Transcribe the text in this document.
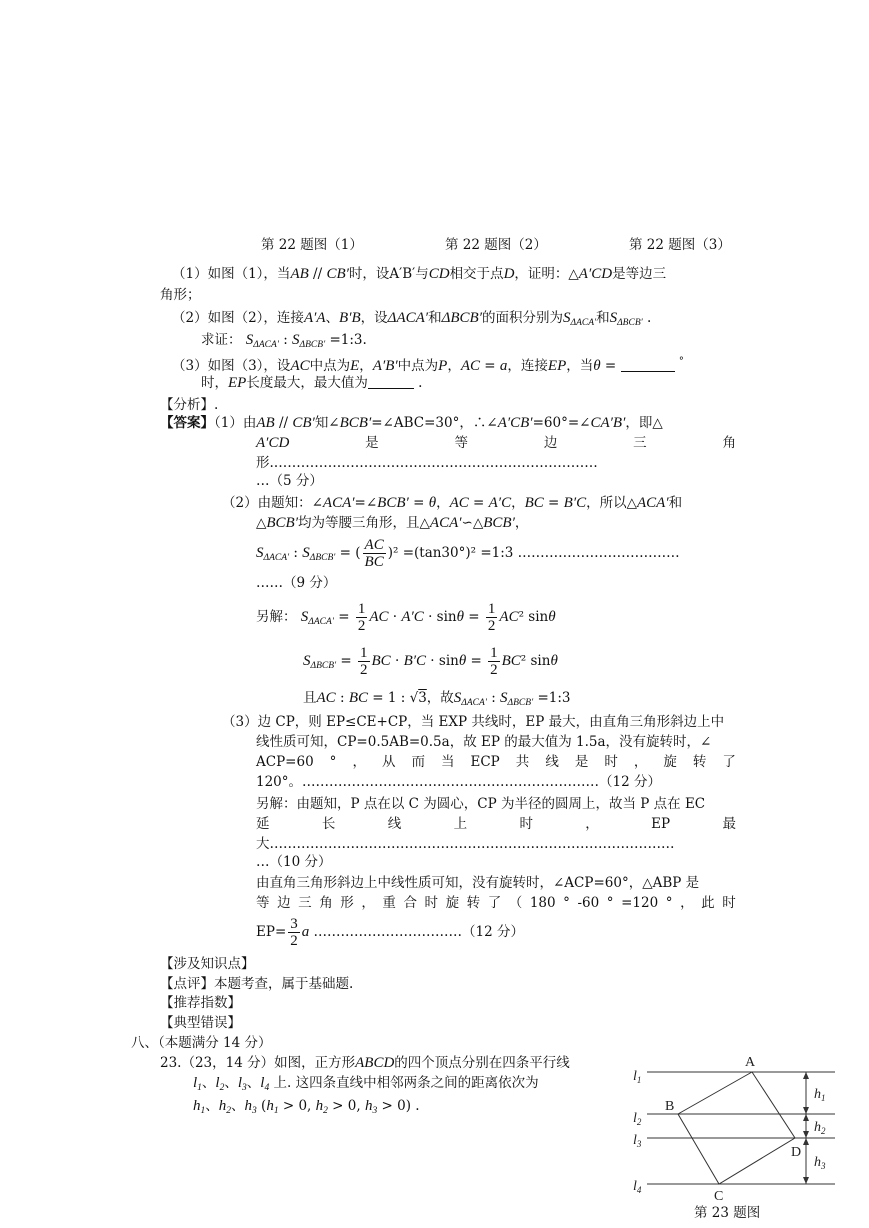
第 22 题图（1）	第 22 题图（2）	第 22 题图（3）
（1）如图（1），当AB // CB′时，设A′B′与CD相交于点D，证明：△A′CD是等边三
角形；
（2）如图（2），连接A′A、B′B，设ΔACA′和ΔBCB′的面积分别为$S_{\Delta ACA'}$和$S_{\Delta BCB'}$ .
求证： $S_{\Delta ACA'}$ : $S_{\Delta BCB'}$ =1:3.
（3）如图（3），设AC中点为E，A′B′中点为P，AC = a，连接EP，当θ =	°
时，EP长度最大，最大值为	.
【分析】.
【答案】（1）由AB // CB′知∠BCB′=∠ABC=30°，∴∠A′CB′=60°=∠CA′B′，即△
A′CD	是	等	边	三	角
形.………………………………………………………………
…（5 分）
（2）由题知：∠ACA′=∠BCB′ = θ，AC = A′C，BC = B′C，所以△ACA′和
△BCB′均为等腰三角形，且△ACA′∽△BCB′，
$S_{\Delta ACA'}$ : $S_{\Delta BCB'}$ = ( $\frac{AC}{BC} )^2 =(\tan 30^\circ)^2$ =1:3 ………………………………
……（9 分）
另解： $S_{\Delta ACA'} = \frac{1}{2}$ AC · $A'C \cdot \sin\theta = \frac{1}{2} AC^2$ sinθ
$S_{\Delta BCB'} = \frac{1}{2}$ BC · $B'C \cdot \sin\theta = \frac{1}{2} BC^2$ sinθ
且AC : BC = 1 : √3，故$S_{\Delta ACA'}$ : $S_{\Delta BCB'}$ =1:3
（3）边 CP，则 EP≤CE+CP，当 EXP 共线时，EP 最大，由直角三角形斜边上中
线性质可知，CP=0.5AB=0.5a，故 EP 的最大值为 1.5a，没有旋转时，∠
ACP=60 ° ， 从 而 当 ECP 共 线 是 时 ， 旋 转 了
120°。…………………………………………………………（12 分）
另解：由题知，P 点在以 C 为圆心，CP 为半径的圆周上，故当 P 点在 EC
延	长	线	上	时	，	EP	最
大………………………………………………………………………………
…（10 分）
由直角三角形斜边上中线性质可知，没有旋转时，∠ACP=60°，△ABP 是
等 边 三 角 形 ， 重 合 时 旋 转 了 （ 180 ° -60 ° =120 ° ， 此 时
$EP= \frac{3}{2}$ a ……………………………（12 分）
【涉及知识点】
【点评】本题考查，属于基础题.
【推荐指数】
【典型错误】
八、（本题满分 14 分）
23.（23，14 分）如图，正方形ABCD的四个顶点分别在四条平行线
$l_1$、$l_2$、$l_3$、$l_4$ 上. 这四条直线中相邻两条之间的距离依次为
$h_1$、$h_2$、$h_3$ ($h_1 > 0$, $h_2 > 0$, $h_3 > 0$) .
$l_1$
$l_2$
$l_3$
$l_4$
A
B
C
D
$h_1$
$h_2$
$h_3$
第 23 题图
